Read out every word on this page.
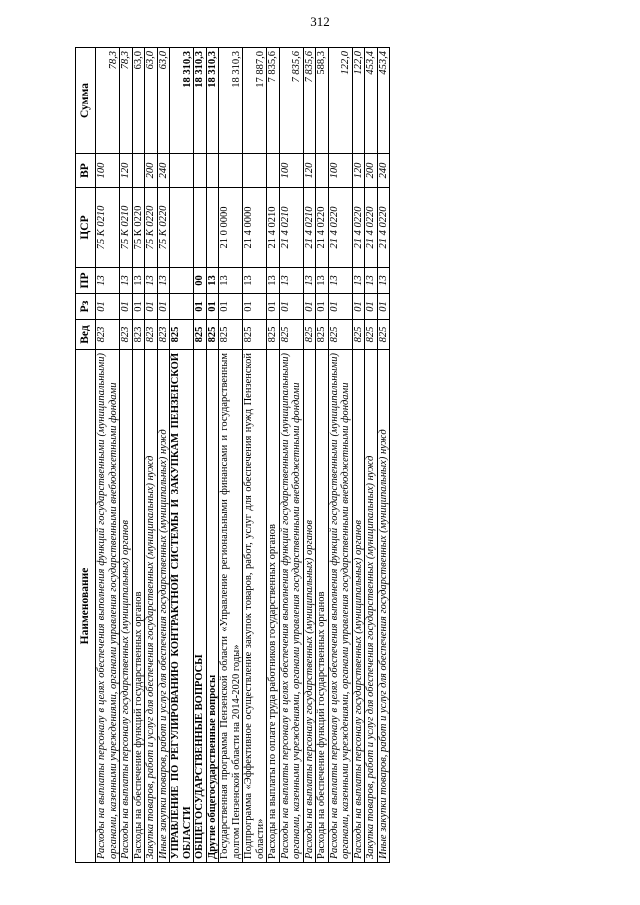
312
Наименование	Вед	Рз	ПР	ЦСР	ВР	Сумма
Расходы на выплаты персоналу в целях обеспечения выполнения функций государственными (муниципальными) органами, казенными учреждениями, органами управления государственными внебюджетными фондами	823	01	13	75 К 0210	100	78,3
Расходы на выплаты персоналу государственных (муниципальных) органов	823	01	13	75 К 0210	120	78,3
Расходы на обеспечение функций государственных органов	823	01	13	75 К 0220		63,0
Закупка товаров, работ и услуг для обеспечения государственных (муниципальных) нужд	823	01	13	75 К 0220	200	63,0
Иные закупки товаров, работ и услуг для обеспечения государственных (муниципальных) нужд	823	01	13	75 К 0220	240	63,0
УПРАВЛЕНИЕ ПО РЕГУЛИРОВАНИЮ КОНТРАКТНОЙ СИСТЕМЫ И ЗАКУПКАМ ПЕНЗЕНСКОЙ ОБЛАСТИ	825					18 310,3
ОБЩЕГОСУДАРСТВЕННЫЕ ВОПРОСЫ	825	01	00			18 310,3
Другие общегосударственные вопросы	825	01	13			18 310,3
Государственная программа Пензенской области «Управление региональными финансами и государственным долгом Пензенской области на 2014-2020 годы»	825	01	13	21 0 0000		18 310,3
Подпрограмма «Эффективное осуществление закупок товаров, работ, услуг для обеспечения нужд Пензенской области»	825	01	13	21 4 0000		17 887,0
Расходы на выплаты по оплате труда работников государственных органов	825	01	13	21 4 0210		7 835,6
Расходы на выплаты персоналу в целях обеспечения выполнения функций государственными (муниципальными) органами, казенными учреждениями, органами управления государственными внебюджетными фондами	825	01	13	21 4 0210	100	7 835,6
Расходы на выплаты персоналу государственных (муниципальных) органов	825	01	13	21 4 0210	120	7 835,6
Расходы на обеспечение функций государственных органов	825	01	13	21 4 0220		588,3
Расходы на выплаты персоналу в целях обеспечения выполнения функций государственными (муниципальными) органами, казенными учреждениями, органами управления государственными внебюджетными фондами	825	01	13	21 4 0220	100	122,0
Расходы на выплаты персоналу государственных (муниципальных) органов	825	01	13	21 4 0220	120	122,0
Закупка товаров, работ и услуг для обеспечения государственных (муниципальных) нужд	825	01	13	21 4 0220	200	453,4
Иные закупки товаров, работ и услуг для обеспечения государственных (муниципальных) нужд	825	01	13	21 4 0220	240	453,4
